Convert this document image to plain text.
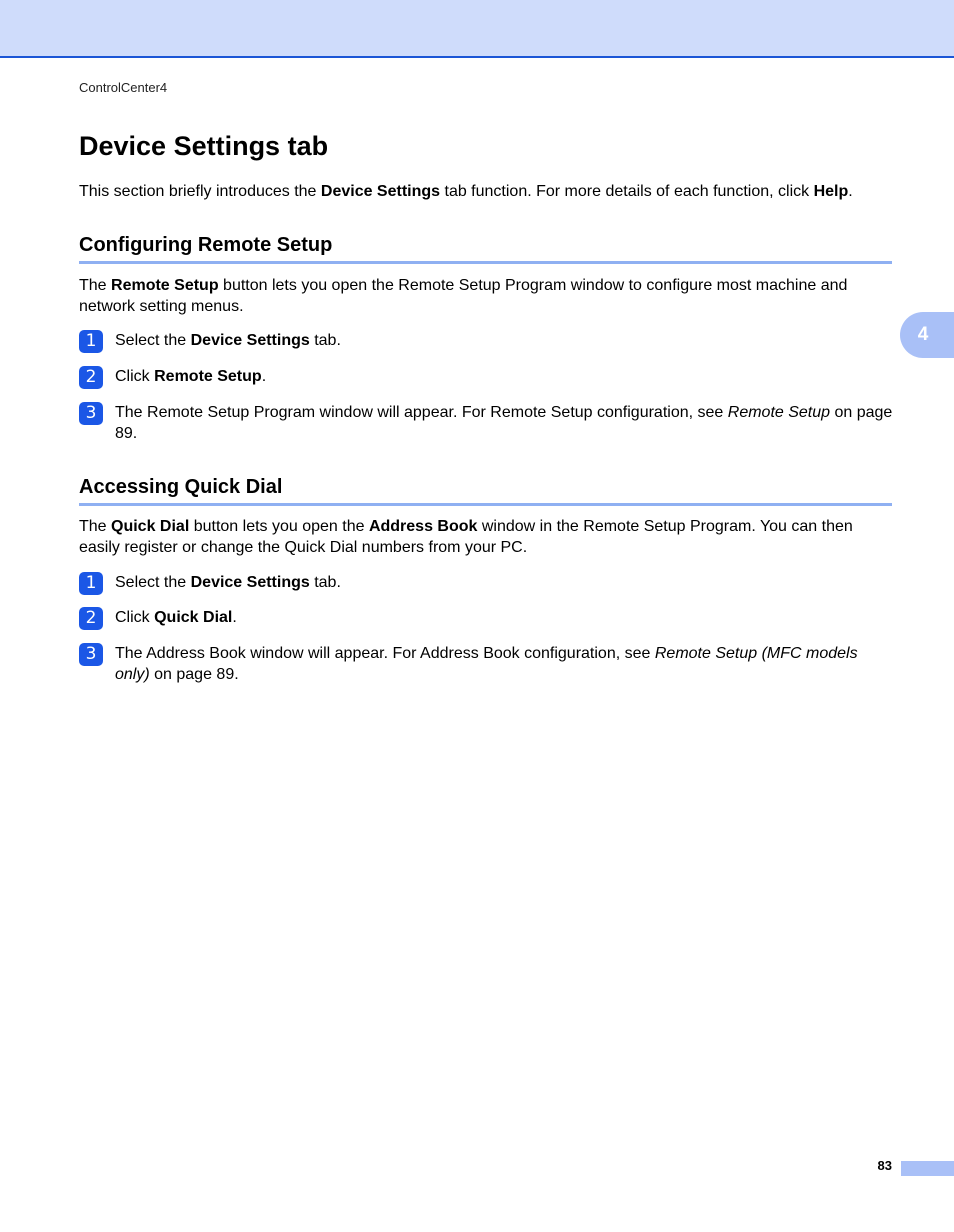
ControlCenter4
Device Settings tab

This section briefly introduces the Device Settings tab function. For more details of each function, click Help.

Configuring Remote Setup

The Remote Setup button lets you open the Remote Setup Program window to configure most machine and network setting menus.

1	Select the Device Settings tab.

2	Click Remote Setup.

3	The Remote Setup Program window will appear. For Remote Setup configuration, see Remote Setup on page 89.

Accessing Quick Dial

The Quick Dial button lets you open the Address Book window in the Remote Setup Program. You can then easily register or change the Quick Dial numbers from your PC.

1	Select the Device Settings tab.

2	Click Quick Dial.

3	The Address Book window will appear. For Address Book configuration, see Remote Setup (MFC models only) on page 89.

4
83
